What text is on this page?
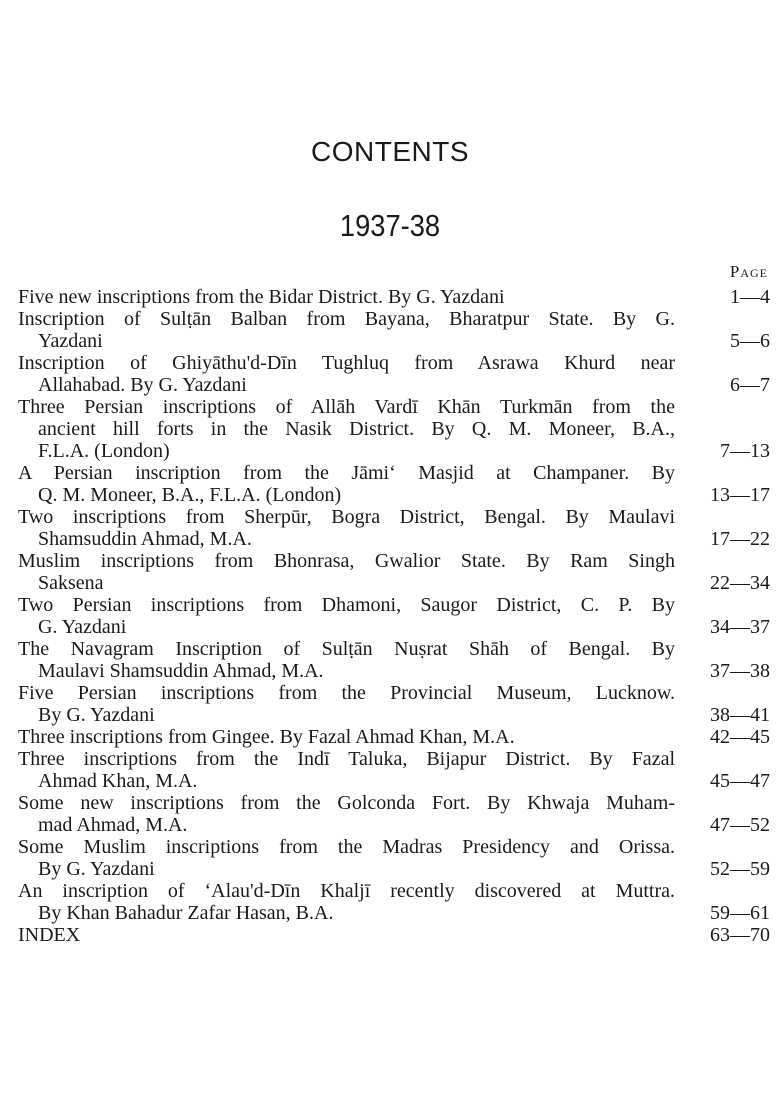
CONTENTS
1937-38
Page
Five new inscriptions from the Bidar District. By G. Yazdani	1—4
Inscription of Sulṭān Balban from Bayana, Bharatpur State. By G.
Yazdani	5—6
Inscription of Ghiyāthu'd-Dīn Tughluq from Asrawa Khurd near
Allahabad. By G. Yazdani	6—7
Three Persian inscriptions of Allāh Vardī Khān Turkmān from the
ancient hill forts in the Nasik District. By Q. M. Moneer, B.A.,
F.L.A. (London)	7—13
A Persian inscription from the Jāmi‘ Masjid at Champaner. By
Q. M. Moneer, B.A., F.L.A. (London)	13—17
Two inscriptions from Sherpūr, Bogra District, Bengal. By Maulavi
Shamsuddin Ahmad, M.A.	17—22
Muslim inscriptions from Bhonrasa, Gwalior State. By Ram Singh
Saksena	22—34
Two Persian inscriptions from Dhamoni, Saugor District, C. P. By
G. Yazdani	34—37
The Navagram Inscription of Sulṭān Nuṣrat Shāh of Bengal. By
Maulavi Shamsuddin Ahmad, M.A.	37—38
Five Persian inscriptions from the Provincial Museum, Lucknow.
By G. Yazdani	38—41
Three inscriptions from Gingee. By Fazal Ahmad Khan, M.A.	42—45
Three inscriptions from the Indī Taluka, Bijapur District. By Fazal
Ahmad Khan, M.A.	45—47
Some new inscriptions from the Golconda Fort. By Khwaja Muham-
mad Ahmad, M.A.	47—52
Some Muslim inscriptions from the Madras Presidency and Orissa.
By G. Yazdani	52—59
An inscription of ‘Alau'd-Dīn Khaljī recently discovered at Muttra.
By Khan Bahadur Zafar Hasan, B.A.	59—61
INDEX	63—70
